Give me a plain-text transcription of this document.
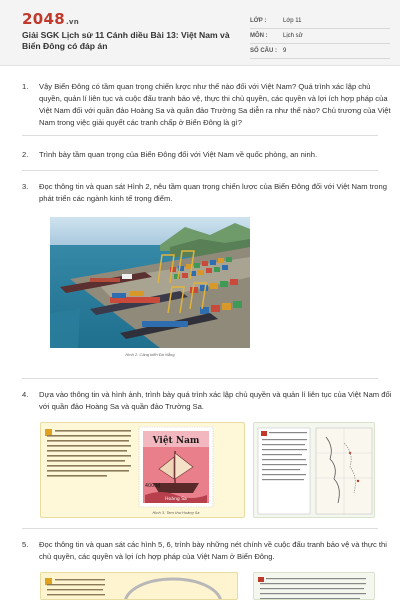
2048.vn
Giải SGK Lịch sử 11 Cánh diều Bài 13: Việt Nam và Biển Đông có đáp án
LỚP :	Lớp 11
MÔN :	Lịch sử
SỐ CÂU :	9
1.	Vậy Biển Đông có tầm quan trọng chiến lược như thế nào đối với Việt Nam? Quá trình xác lập chủ quyền, quản lí liên tục và cuộc đấu tranh bảo vệ, thực thi chủ quyền, các quyền và lợi ích hợp pháp của Việt Nam đối với quần đảo Hoàng Sa và quần đảo Trường Sa diễn ra như thế nào? Chủ trương của Việt Nam trong việc giải quyết các tranh chấp ở Biển Đông là gì?
2.	Trình bày tầm quan trọng của Biển Đông đối với Việt Nam về quốc phòng, an ninh.
3.	Đọc thông tin và quan sát Hình 2, nêu tầm quan trọng chiến lược của Biển Đông đối với Việt Nam trong phát triển các ngành kinh tế trọng điểm.
Hình 2. Cảng biển Đà Nẵng
4.	Dựa vào thông tin và hình ảnh, trình bày quá trình xác lập chủ quyền và quản lí liên tục của Việt Nam đối với quần đảo Hoàng Sa và quần đảo Trường Sa.
Việt Nam
Hoàng Sa
4000₫
Hình 3. Tem thư Hoàng Sa
5.	Đọc thông tin và quan sát các hình 5, 6, trình bày những nét chính về cuộc đấu tranh bảo vệ và thực thi chủ quyền, các quyền và lợi ích hợp pháp của Việt Nam ở Biển Đông.
